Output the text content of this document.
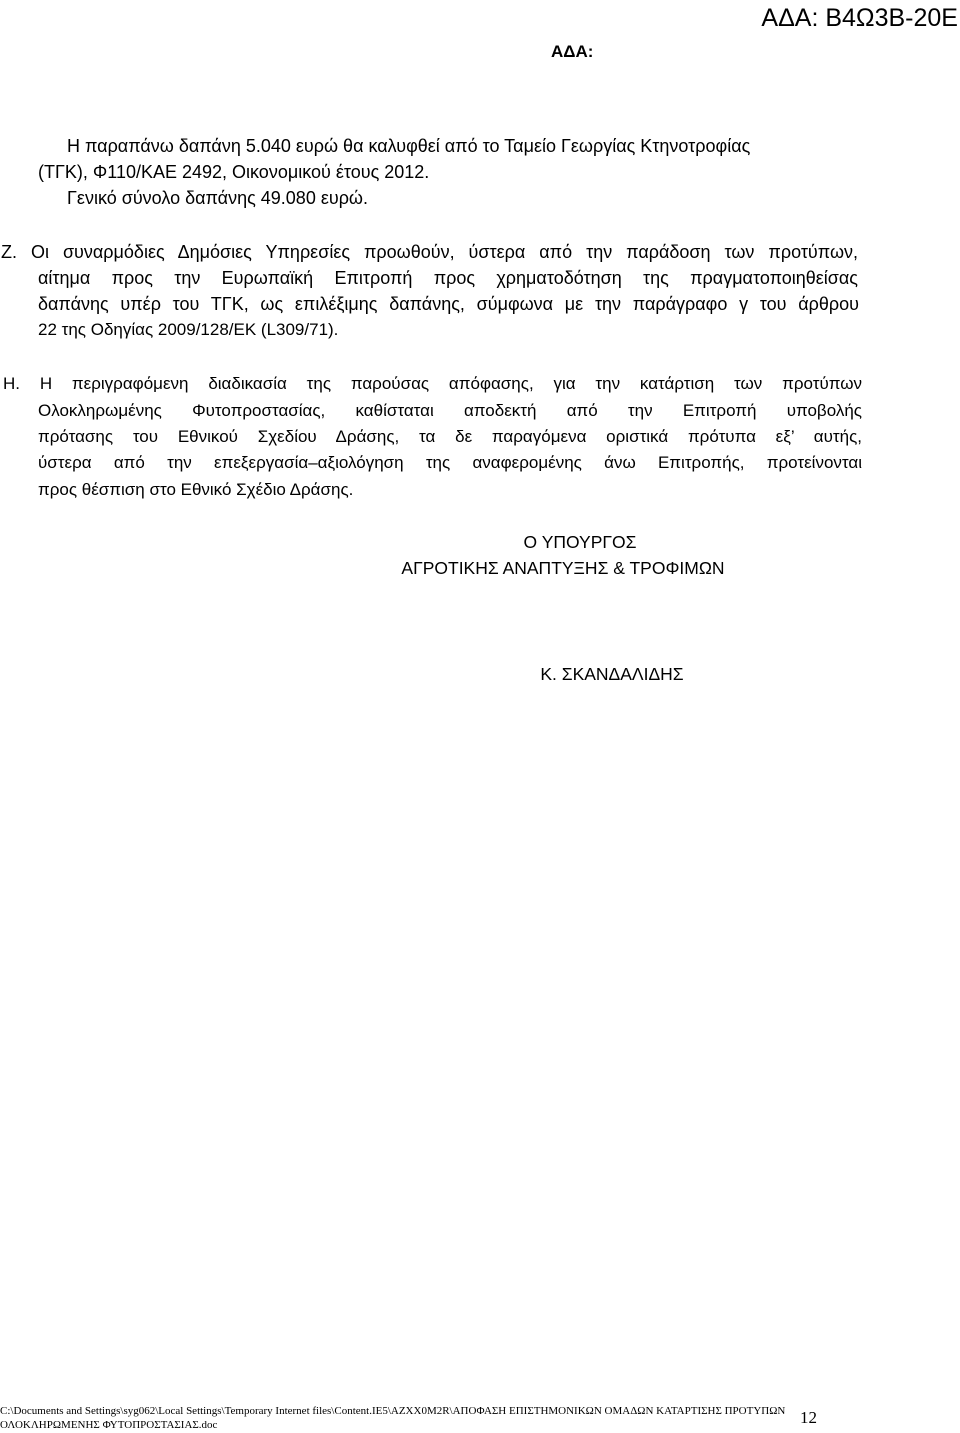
ΑΔΑ: Β4Ω3Β-20Ε
ΑΔΑ:
Η παραπάνω δαπάνη 5.040 ευρώ θα καλυφθεί από το Ταμείο Γεωργίας Κτηνοτροφίας
(ΤΓΚ), Φ110/ΚΑΕ 2492, Οικονομικού έτους 2012.
Γενικό σύνολο δαπάνης 49.080 ευρώ.
Ζ. Οι συναρμόδιες Δημόσιες Υπηρεσίες προωθούν, ύστερα από την παράδοση των προτύπων,
αίτημα προς την Ευρωπαϊκή Επιτροπή προς χρηματοδότηση της πραγματοποιηθείσας
δαπάνης υπέρ του ΤΓΚ, ως επιλέξιμης δαπάνης, σύμφωνα με την παράγραφο γ του άρθρου
22 της Οδηγίας 2009/128/ΕΚ (L309/71).
Η. Η περιγραφόμενη διαδικασία της παρούσας απόφασης, για την κατάρτιση των προτύπων
Ολοκληρωμένης Φυτοπροστασίας, καθίσταται αποδεκτή από την Επιτροπή υποβολής
πρότασης του Εθνικού Σχεδίου Δράσης, τα δε παραγόμενα οριστικά πρότυπα εξ’ αυτής,
ύστερα από την επεξεργασία–αξιολόγηση της αναφερομένης άνω Επιτροπής, προτείνονται
προς θέσπιση στο Εθνικό Σχέδιο Δράσης.
Ο ΥΠΟΥΡΓΟΣ
ΑΓΡΟΤΙΚΗΣ ΑΝΑΠΤΥΞΗΣ & ΤΡΟΦΙΜΩΝ
Κ. ΣΚΑΝΔΑΛΙΔΗΣ
C:\Documents and Settings\syg062\Local Settings\Temporary Internet files\Content.IE5\AZXX0M2R\ΑΠΟΦΑΣΗ ΕΠΙΣΤΗΜΟΝΙΚΩΝ ΟΜΑΔΩΝ ΚΑΤΑΡΤΙΣΗΣ ΠΡΟΤΥΠΩΝ
ΟΛΟΚΛΗΡΩΜΕΝΗΣ ΦΥΤΟΠΡΟΣΤΑΣΙΑΣ.doc	12
